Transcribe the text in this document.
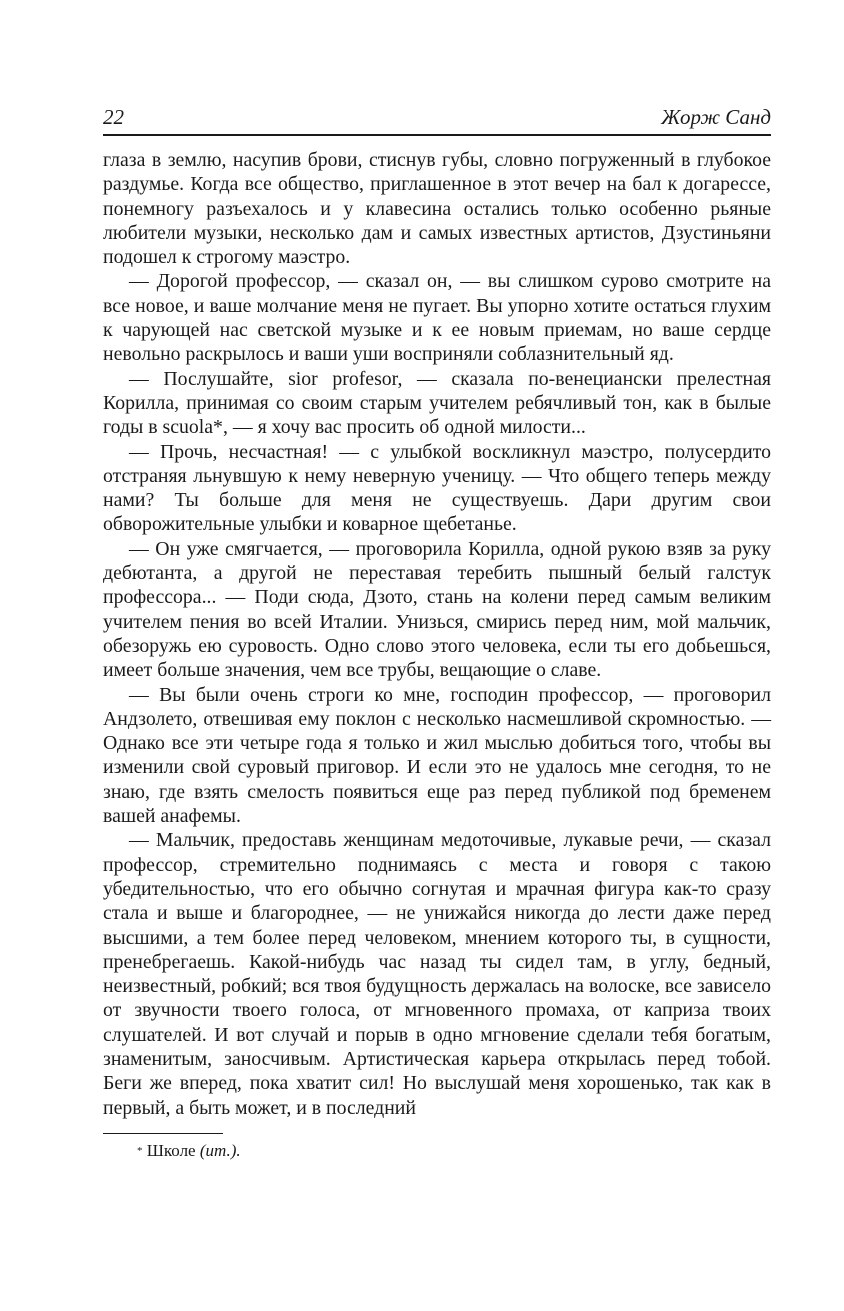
22	Жорж Санд

глаза в землю, насупив брови, стиснув губы, словно погруженный в глубокое раздумье. Когда все общество, приглашенное в этот вечер на бал к догарессе, понемногу разъехалось и у клавесина остались только особенно рьяные любители музыки, несколько дам и самых известных артистов, Дзустиньяни подошел к строгому маэстро.

— Дорогой профессор, — сказал он, — вы слишком сурово смотрите на все новое, и ваше молчание меня не пугает. Вы упорно хотите остаться глухим к чарующей нас светской музыке и к ее новым приемам, но ваше сердце невольно раскрылось и ваши уши восприняли соблазнительный яд.

— Послушайте, sior profesor, — сказала по-венециански прелестная Корилла, принимая со своим старым учителем ребячливый тон, как в былые годы в scuola*, — я хочу вас просить об одной милости...

— Прочь, несчастная! — с улыбкой воскликнул маэстро, полусердито отстраняя льнувшую к нему неверную ученицу. — Что общего теперь между нами? Ты больше для меня не существуешь. Дари другим свои обворожительные улыбки и коварное щебетанье.

— Он уже смягчается, — проговорила Корилла, одной рукою взяв за руку дебютанта, а другой не переставая теребить пышный белый галстук профессора... — Поди сюда, Дзото, стань на колени перед самым великим учителем пения во всей Италии. Унизься, смирись перед ним, мой мальчик, обезоружь ею суровость. Одно слово этого человека, если ты его добьешься, имеет больше значения, чем все трубы, вещающие о славе.

— Вы были очень строги ко мне, господин профессор, — проговорил Андзолето, отвешивая ему поклон с несколько насмешливой скромностью. — Однако все эти четыре года я только и жил мыслью добиться того, чтобы вы изменили свой суровый приговор. И если это не удалось мне сегодня, то не знаю, где взять смелость появиться еще раз перед публикой под бременем вашей анафемы.

— Мальчик, предоставь женщинам медоточивые, лукавые речи, — сказал профессор, стремительно поднимаясь с места и говоря с такою убедительностью, что его обычно согнутая и мрачная фигура как-то сразу стала и выше и благороднее, — не унижайся никогда до лести даже перед высшими, а тем более перед человеком, мнением которого ты, в сущности, пренебрегаешь. Какой-нибудь час назад ты сидел там, в углу, бедный, неизвестный, робкий; вся твоя будущность держалась на волоске, все зависело от звучности твоего голоса, от мгновенного промаха, от каприза твоих слушателей. И вот случай и порыв в одно мгновение сделали тебя богатым, знаменитым, заносчивым. Артистическая карьера открылась перед тобой. Беги же вперед, пока хватит сил! Но выслушай меня хорошенько, так как в первый, а быть может, и в последний

* Школе (ит.).
